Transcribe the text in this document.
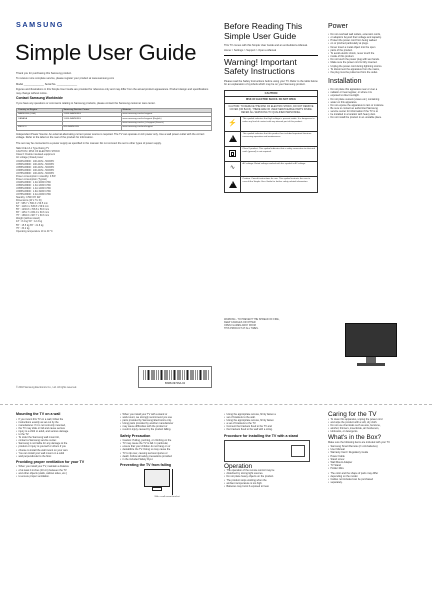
SAMSUNG
Simple User Guide
Thank you for purchasing this Samsung product.
To receive more complete service, please register your product at www.samsung.com
Model ______________ Serial No. ______________
Figures and illustrations in this Simple User Guide are provided for reference only and may differ from the actual product appearance. Product design and specifications may change without notice.
Contact Samsung Worldwide
If you have any questions or comments relating to Samsung products, please contact the Samsung customer care center.
Country or Region	Samsung Service Center	Website
SAMSUNG (USA)	1-800-SAMSUNG	www.samsung.com/us/support
CANADA	1-800-SAMSUNG	www.samsung.com/ca/support (English)
		www.samsung.com/ca_fr/support (French)
MEXICO	800-SAMSUNG	www.samsung.com/mx/support
Independent Power Source: An external alternating current power source is required. The TV can operate on AC power only. Use a wall power outlet with the correct voltage. Refer to the label on the rear of the product for information.
The set may be connected to a power supply as specified in the manual. Do not connect the set to other types of power supply.
SEE CCE-13-1 Type Rating TV
CAUTION / RISK OF ELECTRIC SHOCK
Class II: Double insulated equipment
AC voltage | Rated power
UN43NU6900 : 100-240V~ 50/60Hz
UN50NU6900 : 100-240V~ 50/60Hz
UN55NU6900 : 100-240V~ 50/60Hz
UN65NU6900 : 100-240V~ 50/60Hz
UN75NU6900 : 100-240V~ 50/60Hz
Power consumption in standby: 0.5W
Power consumption (Typical)
UN43NU6900 : 1.0A 100W 0.5W
UN50NU6900 : 1.3A 130W 0.5W
UN55NU6900 : 1.4A 140W 0.5W
UN65NU6900 : 1.9A 190W 0.5W
UN75NU6900 : 2.4A 240W 0.5W
Standby: 0.5W Off: 0W
Dimensions (W x H x D)
43" : 965.7 x 560.3 x 59.5 mm
50" : 1118.4 x 645.8 x 59.9 mm
55" : 1230.8 x 708.8 x 59.9 mm
65" : 1451.7 x 834.0 x 60.6 mm
75" : 1684.6 x 967.7 x 60.6 mm
Weight (without stand)
43" : 8.4 kg 50" : 12.3 kg
55" : 15.5 kg 65" : 21.8 kg
75" : 33.2 kg
Operating temperature 10 to 40 °C
BN68-09726A-02
© 2018 Samsung Electronics Co., Ltd. All rights reserved.
Before Reading This Simple User Guide
This TV comes with this Simple User Guide and an embedded e-Manual.
Home > Settings > Support > Open e-Manual
Warning! Important Safety Instructions
Please read the Safety Instructions before using your TV. Refer to the table below for an explanation of symbols which may be on your Samsung product.
CAUTION
RISK OF ELECTRIC SHOCK. DO NOT OPEN.
CAUTION: TO REDUCE THE RISK OF ELECTRIC SHOCK, DO NOT REMOVE COVER (OR BACK). THERE ARE NO USER SERVICEABLE PARTS INSIDE. REFER ALL SERVICING TO QUALIFIED PERSONNEL.
⚡
This symbol indicates that high voltage is present inside. It is dangerous to make any kind of contact with any internal part of this product.
!
This symbol indicates that this product has included important literature concerning operation and maintenance.
Class II product: This symbol indicates that a safety connection to electrical earth (ground) is not required.
∿
AC voltage: Rated voltage marked with this symbol is AC voltage.
!
Caution. Consult instructions for use: This symbol instructs the user to consult the Simple User Guide for further safety related information.
WARNING - TO PREVENT THE SPREAD OF FIRE,
KEEP CANDLES OR OTHER
OPEN FLAMES AWAY FROM
THIS PRODUCT AT ALL TIMES.
Power
• Do not overload wall outlets, extension cords,
• or adaptors beyond their voltage and capacity.
• Protect the power cord from being walked
• on or pinched particularly at plugs.
• Never insert a metal object into the open
• parts of the product.
• To avoid electric shock, never touch the
• inside of this product.
• Do not touch the power plug with wet hands.
• Make sure the power cord is fully inserted.
• Unplug the power cord during lightning storms.
• To disconnect the apparatus from the mains,
• the plug must be pulled out from the outlet.
Installation
• Do not place this apparatus near or over a
• radiator or heat register, or where it is
• exposed to direct sunlight.
• Do not place vessels (vases etc.) containing
• water on this apparatus.
• Do not expose the apparatus to rain or moisture.
• Be sure to contact an authorized Samsung
• service center for information if the TV is to
• be installed in a location with heavy dust.
• Do not install the product in an unstable place.
Mounting the TV on a wall
• If you mount this TV on a wall, follow the
• instructions exactly as set out by the
• manufacturer. If it is not correctly mounted,
• the TV may slide or fall and cause serious
• injury to a child or adult, and serious damage
• to the TV.
• To order the Samsung wall mount kit,
• contact a Samsung service center.
• Samsung is not liable for any damage to the
• product or injury to yourself or others if you
• choose to install the wall mount on your own.
• You can install your wall mount on a solid
• wall perpendicular to the floor.
Providing proper ventilation for your TV
• When you install your TV, maintain a distance
• of at least 4 inches (10 cm) between the TV
• and other objects (walls, cabinet sides, etc.)
• to ensure proper ventilation.
• When you install your TV with a stand or
• wall-mount, we strongly recommend you use
• parts provided by Samsung Electronics only.
• Using parts provided by another manufacturer
• may cause difficulties with the product or
• result in injury caused by the product falling.
Safety Precaution
• Caution: Pulling, pushing, or climbing on the
• TV may cause the TV to fall. In particular,
• ensure that your children do not hang on or
• destabilize the TV. Doing so may cause the
• TV to tip over, causing serious injuries or
• death. Follow all safety precautions provided
• in the included Safety Flyer.
Preventing the TV from falling
With a wall mount bracket
• Using the appropriate screws, firmly fasten a
• set of brackets to the wall.
• Using the appropriate screws, firmly fasten
• a set of brackets to the TV.
• Connect the brackets fixed to the TV and
• the brackets fixed to the wall with a string.
Procedure for installing the TV with a stand
Operation
• The operation of the remote control may be
• disturbed by strong light sources.
• Do not place heavy objects on the product.
• The product stops working when the
• ambient temperature is too high.
• Batteries may burst if exposed to heat.
Caring for the TV
• To clean this apparatus, unplug the power cord
• and wipe the product with a soft, dry cloth.
• Do not use chemicals such as wax, benzene,
• alcohol, thinners, insecticide, air fresheners,
• lubricants, or detergents.
What's in the Box?
Make sure the following items are included with your TV.
• Samsung Smart Remote (2 x AA batteries)
• User Manual
• Warranty Card / Regulatory Guide
• Power Cable
• Stand screw
• Wall Mount Adapter
• TV Stand
• Holder-Wire
• The color and the shape of parts may differ
• depending on the model.
• Cables not included can be purchased
• separately.
